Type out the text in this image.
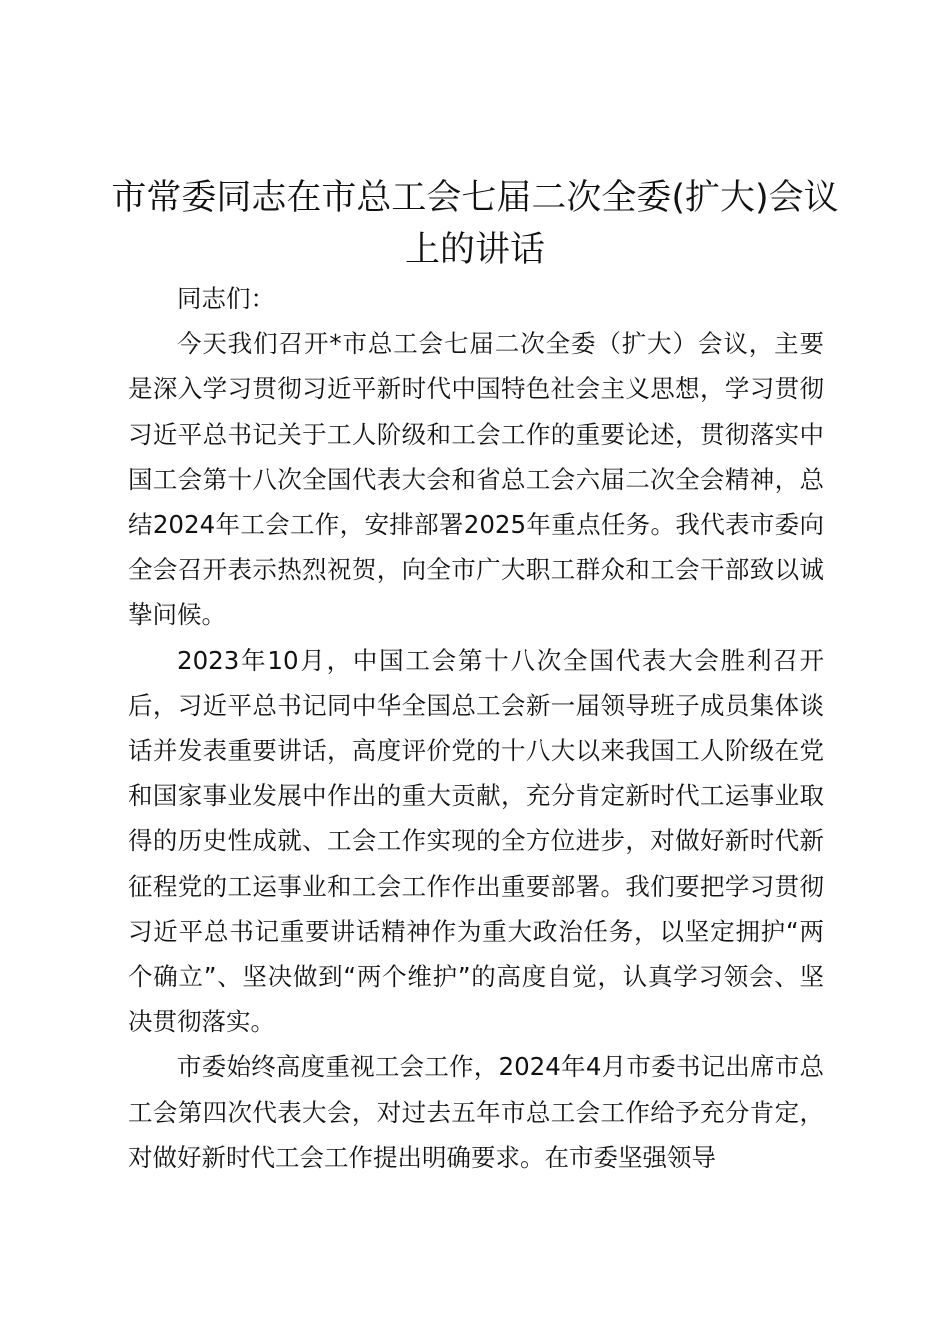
市常委同志在市总工会七届二次全委(扩大)会议上的讲话

同志们：

今天我们召开*市总工会七届二次全委（扩大）会议，主要是深入学习贯彻习近平新时代中国特色社会主义思想，学习贯彻习近平总书记关于工人阶级和工会工作的重要论述，贯彻落实中国工会第十八次全国代表大会和省总工会六届二次全会精神，总结2024年工会工作，安排部署2025年重点任务。我代表市委向全会召开表示热烈祝贺，向全市广大职工群众和工会干部致以诚挚问候。

2023年10月，中国工会第十八次全国代表大会胜利召开后，习近平总书记同中华全国总工会新一届领导班子成员集体谈话并发表重要讲话，高度评价党的十八大以来我国工人阶级在党和国家事业发展中作出的重大贡献，充分肯定新时代工运事业取得的历史性成就、工会工作实现的全方位进步，对做好新时代新征程党的工运事业和工会工作作出重要部署。我们要把学习贯彻习近平总书记重要讲话精神作为重大政治任务，以坚定拥护“两个确立”、坚决做到“两个维护”的高度自觉，认真学习领会、坚决贯彻落实。

市委始终高度重视工会工作，2024年4月市委书记出席市总工会第四次代表大会，对过去五年市总工会工作给予充分肯定，对做好新时代工会工作提出明确要求。在市委坚强领导
